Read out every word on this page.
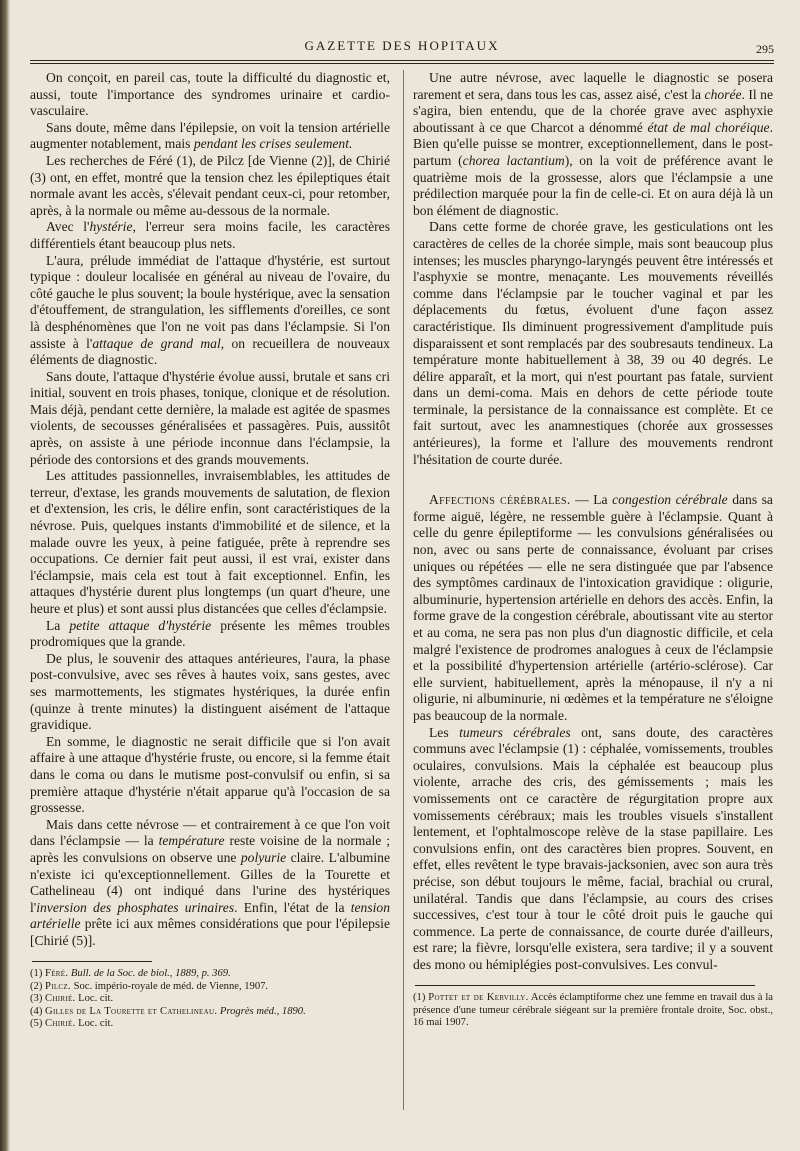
GAZETTE DES HOPITAUX	295

On conçoit, en pareil cas, toute la difficulté du diagnostic et, aussi, toute l'importance des syndromes urinaire et cardio-vasculaire.

Sans doute, même dans l'épilepsie, on voit la tension artérielle augmenter notablement, mais pendant les crises seulement.

Les recherches de Féré (1), de Pilcz [de Vienne (2)], de Chirié (3) ont, en effet, montré que la tension chez les épileptiques était normale avant les accès, s'élevait pendant ceux-ci, pour retomber, après, à la normale ou même au-dessous de la normale.

Avec l'hystérie, l'erreur sera moins facile, les caractères différentiels étant beaucoup plus nets.

L'aura, prélude immédiat de l'attaque d'hystérie, est surtout typique : douleur localisée en général au niveau de l'ovaire, du côté gauche le plus souvent; la boule hystérique, avec la sensation d'étouffement, de strangulation, les sifflements d'oreilles, ce sont là desphénomènes que l'on ne voit pas dans l'éclampsie. Si l'on assiste à l'attaque de grand mal, on recueillera de nouveaux éléments de diagnostic.

Sans doute, l'attaque d'hystérie évolue aussi, brutale et sans cri initial, souvent en trois phases, tonique, clonique et de résolution. Mais déjà, pendant cette dernière, la malade est agitée de spasmes violents, de secousses généralisées et passagères. Puis, aussitôt après, on assiste à une période inconnue dans l'éclampsie, la période des contorsions et des grands mouvements.

Les attitudes passionnelles, invraisemblables, les attitudes de terreur, d'extase, les grands mouvements de salutation, de flexion et d'extension, les cris, le délire enfin, sont caractéristiques de la névrose. Puis, quelques instants d'immobilité et de silence, et la malade ouvre les yeux, à peine fatiguée, prête à reprendre ses occupations. Ce dernier fait peut aussi, il est vrai, exister dans l'éclampsie, mais cela est tout à fait exceptionnel. Enfin, les attaques d'hystérie durent plus longtemps (un quart d'heure, une heure et plus) et sont aussi plus distancées que celles d'éclampsie.

La petite attaque d'hystérie présente les mêmes troubles prodromiques que la grande.

De plus, le souvenir des attaques antérieures, l'aura, la phase post-convulsive, avec ses rêves à hautes voix, sans gestes, avec ses marmottements, les stigmates hystériques, la durée enfin (quinze à trente minutes) la distinguent aisément de l'attaque gravidique.

En somme, le diagnostic ne serait difficile que si l'on avait affaire à une attaque d'hystérie fruste, ou encore, si la femme était dans le coma ou dans le mutisme post-convulsif ou enfin, si sa première attaque d'hystérie n'était apparue qu'à l'occasion de sa grossesse.

Mais dans cette névrose — et contrairement à ce que l'on voit dans l'éclampsie — la température reste voisine de la normale ; après les convulsions on observe une polyurie claire. L'albumine n'existe ici qu'exceptionnellement. Gilles de la Tourette et Cathelineau (4) ont indiqué dans l'urine des hystériques l'inversion des phosphates urinaires. Enfin, l'état de la tension artérielle prête ici aux mêmes considérations que pour l'épilepsie [Chirié (5)].

(1) Féré. Bull. de la Soc. de biol., 1889, p. 369.
(2) Pilcz. Soc. império-royale de méd. de Vienne, 1907.
(3) Chirié. Loc. cit.
(4) Gilles de La Tourette et Cathelineau. Progrès méd., 1890.
(5) Chirié. Loc. cit.

Une autre névrose, avec laquelle le diagnostic se posera rarement et sera, dans tous les cas, assez aisé, c'est la chorée. Il ne s'agira, bien entendu, que de la chorée grave avec asphyxie aboutissant à ce que Charcot a dénommé état de mal choréique. Bien qu'elle puisse se montrer, exceptionnellement, dans le post-partum (chorea lactantium), on la voit de préférence avant le quatrième mois de la grossesse, alors que l'éclampsie a une prédilection marquée pour la fin de celle-ci. Et on aura déjà là un bon élément de diagnostic.

Dans cette forme de chorée grave, les gesticulations ont les caractères de celles de la chorée simple, mais sont beaucoup plus intenses; les muscles pharyngo-laryngés peuvent être intéressés et l'asphyxie se montre, menaçante. Les mouvements réveillés comme dans l'éclampsie par le toucher vaginal et par les déplacements du fœtus, évoluent d'une façon assez caractéristique. Ils diminuent progressivement d'amplitude puis disparaissent et sont remplacés par des soubresauts tendineux. La température monte habituellement à 38, 39 ou 40 degrés. Le délire apparaît, et la mort, qui n'est pourtant pas fatale, survient dans un demi-coma. Mais en dehors de cette période toute terminale, la persistance de la connaissance est complète. Et ce fait surtout, avec les anamnestiques (chorée aux grossesses antérieures), la forme et l'allure des mouvements rendront l'hésitation de courte durée.

Affections cérébrales. — La congestion cérébrale dans sa forme aiguë, légère, ne ressemble guère à l'éclampsie. Quant à celle du genre épileptiforme — les convulsions généralisées ou non, avec ou sans perte de connaissance, évoluant par crises uniques ou répétées — elle ne sera distinguée que par l'absence des symptômes cardinaux de l'intoxication gravidique : oligurie, albuminurie, hypertension artérielle en dehors des accès. Enfin, la forme grave de la congestion cérébrale, aboutissant vite au stertor et au coma, ne sera pas non plus d'un diagnostic difficile, et cela malgré l'existence de prodromes analogues à ceux de l'éclampsie et la possibilité d'hypertension artérielle (artério-sclérose). Car elle survient, habituellement, après la ménopause, il n'y a ni oligurie, ni albuminurie, ni œdèmes et la température ne s'éloigne pas beaucoup de la normale.

Les tumeurs cérébrales ont, sans doute, des caractères communs avec l'éclampsie (1) : céphalée, vomissements, troubles oculaires, convulsions. Mais la céphalée est beaucoup plus violente, arrache des cris, des gémissements ; mais les vomissements ont ce caractère de régurgitation propre aux vomissements cérébraux; mais les troubles visuels s'installent lentement, et l'ophtalmoscope relève de la stase papillaire. Les convulsions enfin, ont des caractères bien propres. Souvent, en effet, elles revêtent le type bravais-jacksonien, avec son aura très précise, son début toujours le même, facial, brachial ou crural, unilatéral. Tandis que dans l'éclampsie, au cours des crises successives, c'est tour à tour le côté droit puis le gauche qui commence. La perte de connaissance, de courte durée d'ailleurs, est rare; la fièvre, lorsqu'elle existera, sera tardive; il y a souvent des mono ou hémiplégies post-convulsives. Les convul-

(1) Pottet et de Kervilly. Accès éclamptiforme chez une femme en travail dus à la présence d'une tumeur cérébrale siégeant sur la première frontale droite, Soc. obst., 16 mai 1907.
